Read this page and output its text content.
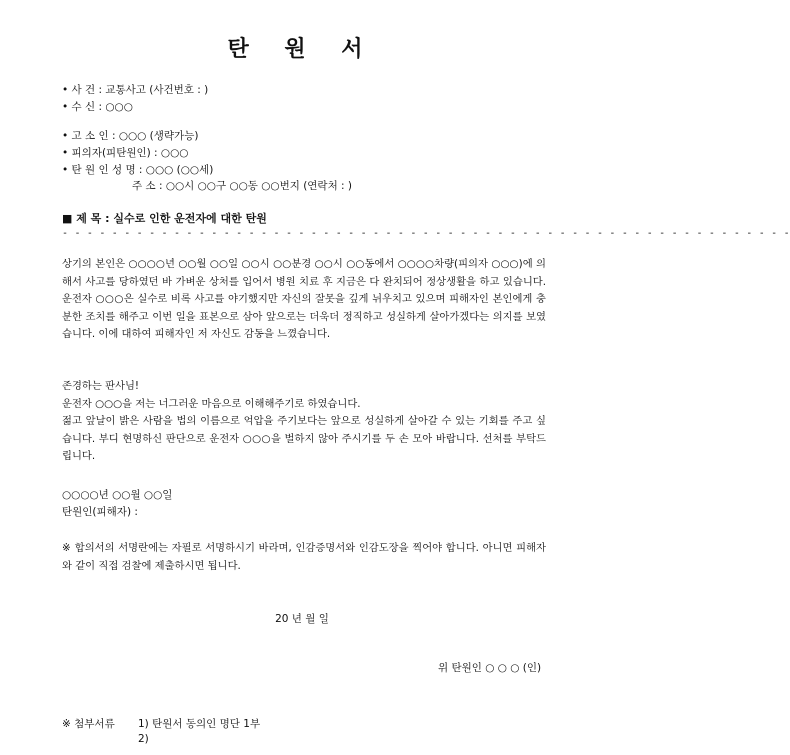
탄 원 서
• 사 건 : 교통사고 (사건번호 : )
• 수 신 : ○○○
• 고 소 인 : ○○○ (생략가능)
• 피의자(피탄원인) : ○○○
• 탄 원 인 성 명 : ○○○ (○○세)
주 소 : ○○시 ○○구 ○○동 ○○번지 (연락처 : )
■ 제 목 : 실수로 인한 운전자에 대한 탄원
- - - - - - - - - - - - - - - - - - - - - - - - - - - - - - - - - - - - - - - - - - - - - - - - - - - - - - - - - - -

상기의 본인은 ○○○○년 ○○월 ○○일 ○○시 ○○분경 ○○시 ○○동에서 ○○○○차량(피의자 ○○○)에 의해서 사고를 당하였던 바 가벼운 상처를 입어서 병원 치료 후 지금은 다 완치되어 정상생활을 하고 있습니다. 운전자 ○○○은 실수로 비록 사고를 야기했지만 자신의 잘못을 깊게 뉘우치고 있으며 피해자인 본인에게 충분한 조치를 해주고 이번 일을 표본으로 삼아 앞으로는 더욱더 정직하고 성실하게 살아가겠다는 의지를 보였습니다. 이에 대하여 피해자인 저 자신도 감동을 느꼈습니다.

존경하는 판사님!

운전자 ○○○을 저는 너그러운 마음으로 이해해주기로 하였습니다.

젊고 앞날이 밝은 사람을 법의 이름으로 억압을 주기보다는 앞으로 성실하게 살아갈 수 있는 기회를 주고 싶습니다. 부디 현명하신 판단으로 운전자 ○○○을 벌하지 않아 주시기를 두 손 모아 바랍니다. 선처를 부탁드립니다.

○○○○년 ○○월 ○○일
탄원인(피해자) :

※ 합의서의 서명란에는 자필로 서명하시기 바라며, 인감증명서와 인감도장을 찍어야 합니다. 아니면 피해자와 같이 직접 검찰에 제출하시면 됩니다.

20 년 월 일
위 탄원인 ○ ○ ○ (인)
※ 첨부서류 1) 탄원서 동의인 명단 1부
2)
